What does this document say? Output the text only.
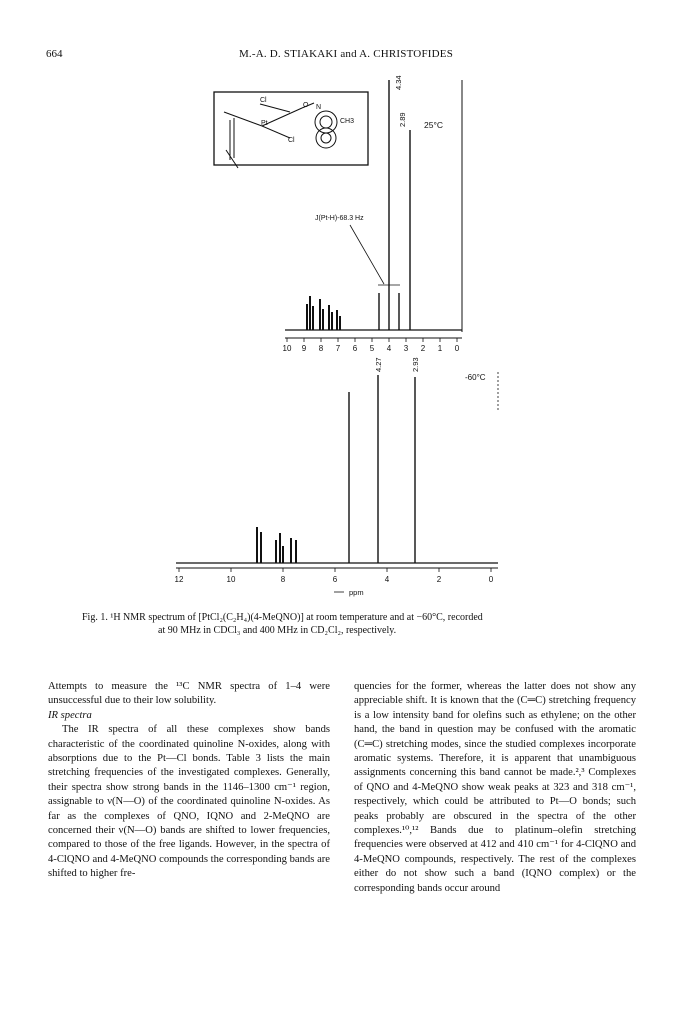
664	M.-A. D. STIAKAKI and A. CHRISTOFIDES
10 9 8 7 6 5 4 3 2 1 0
J(Pt-H)-68.3 Hz
4.34
2.89 25°C
Cl
Pt
Cl
O N
CH3
12	10	8	6	4	2	0
ppm
4.27	2.93
-60°C
Fig. 1. ¹H NMR spectrum of [PtCl₂(C₂H₄)(4-MeQNO)] at room temperature and at −60°C, recorded
at 90 MHz in CDCl₃ and 400 MHz in CD₂Cl₂, respectively.

Attempts to measure the ¹³C NMR spectra of 1–4 were unsuccessful due to their low solubility.

IR spectra

The IR spectra of all these complexes show bands characteristic of the coordinated quinoline N-oxides, along with absorptions due to the Pt—Cl bonds. Table 3 lists the main stretching frequencies of the investigated complexes. Generally, their spectra show strong bands in the 1146–1300 cm⁻¹ region, assignable to ν(N—O) of the coordinated quinoline N-oxides. As far as the complexes of QNO, IQNO and 2-MeQNO are concerned their ν(N—O) bands are shifted to lower frequencies, compared to those of the free ligands. However, in the spectra of 4-ClQNO and 4-MeQNO compounds the corresponding bands are shifted to higher fre-

quencies for the former, whereas the latter does not show any appreciable shift. It is known that the (C═C) stretching frequency is a low intensity band for olefins such as ethylene; on the other hand, the band in question may be confused with the aromatic (C═C) stretching modes, since the studied complexes incorporate aromatic systems. Therefore, it is apparent that unambiguous assignments concerning this band cannot be made.²,³ Complexes of QNO and 4-MeQNO show weak peaks at 323 and 318 cm⁻¹, respectively, which could be attributed to Pt—O bonds; such peaks probably are obscured in the spectra of the other complexes.¹⁰,¹² Bands due to platinum–olefin stretching frequencies were observed at 412 and 410 cm⁻¹ for 4-ClQNO and 4-MeQNO compounds, respectively. The rest of the complexes either do not show such a band (IQNO complex) or the corresponding bands occur around
